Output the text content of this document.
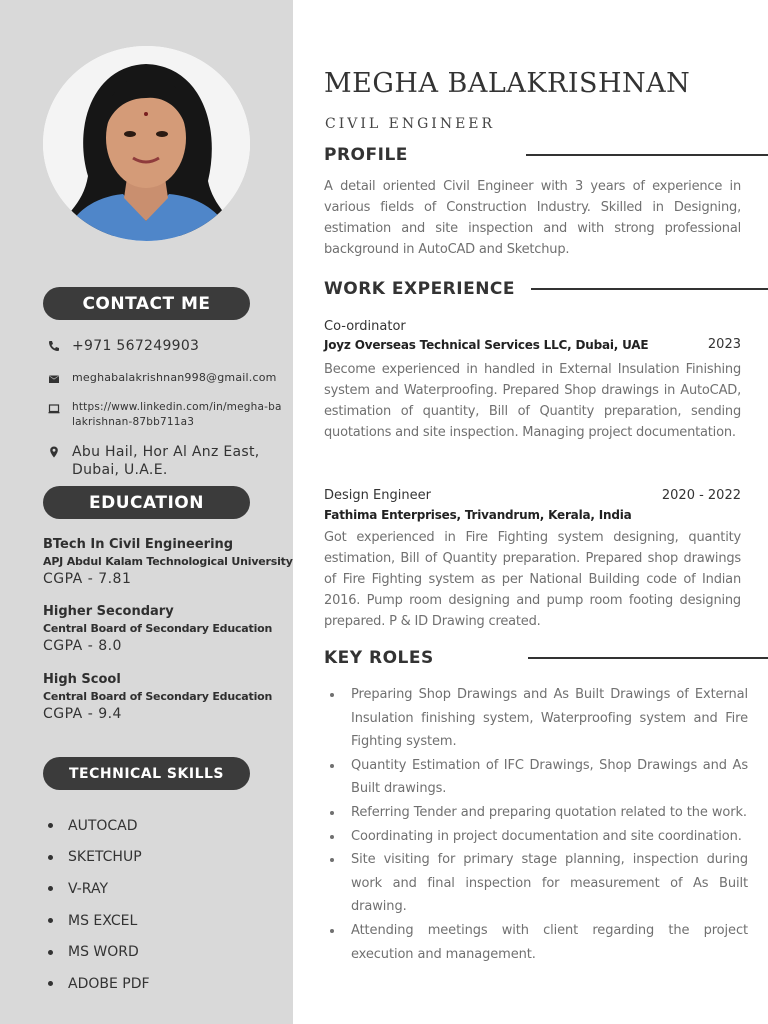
CONTACT ME
+971 567249903
meghabalakrishnan998@gmail.com
https://www.linkedin.com/in/megha-balakrishnan-87bb711a3
Abu Hail, Hor Al Anz East, Dubai, U.A.E.
EDUCATION
BTech In Civil Engineering
APJ Abdul Kalam Technological University
CGPA - 7.81
Higher Secondary
Central Board of Secondary Education
CGPA - 8.0
High Scool
Central Board of Secondary Education
CGPA - 9.4
TECHNICAL SKILLS
AUTOCAD
SKETCHUP
V-RAY
MS EXCEL
MS WORD
ADOBE PDF
MEGHA BALAKRISHNAN
CIVIL ENGINEER
PROFILE
A detail oriented Civil Engineer with 3 years of experience in various fields of Construction Industry. Skilled in Designing, estimation and site inspection and with strong professional background in AutoCAD and Sketchup.
WORK EXPERIENCE
Co-ordinator
Joyz Overseas Technical Services LLC, Dubai, UAE	2023
Become experienced in handled in External Insulation Finishing system and Waterproofing. Prepared Shop drawings in AutoCAD, estimation of quantity, Bill of Quantity preparation, sending quotations and site inspection. Managing project documentation.
Design Engineer	2020 - 2022
Fathima Enterprises, Trivandrum, Kerala, India
Got experienced in Fire Fighting system designing, quantity estimation, Bill of Quantity preparation. Prepared shop drawings of Fire Fighting system as per National Building code of Indian 2016. Pump room designing and pump room footing designing prepared. P & ID Drawing created.
KEY ROLES
Preparing Shop Drawings and As Built Drawings of External Insulation finishing system, Waterproofing system and Fire Fighting system.
Quantity Estimation of IFC Drawings, Shop Drawings and As Built drawings.
Referring Tender and preparing quotation related to the work.
Coordinating in project documentation and site coordination.
Site visiting for primary stage planning, inspection during work and final inspection for measurement of As Built drawing.
Attending meetings with client regarding the project execution and management.
